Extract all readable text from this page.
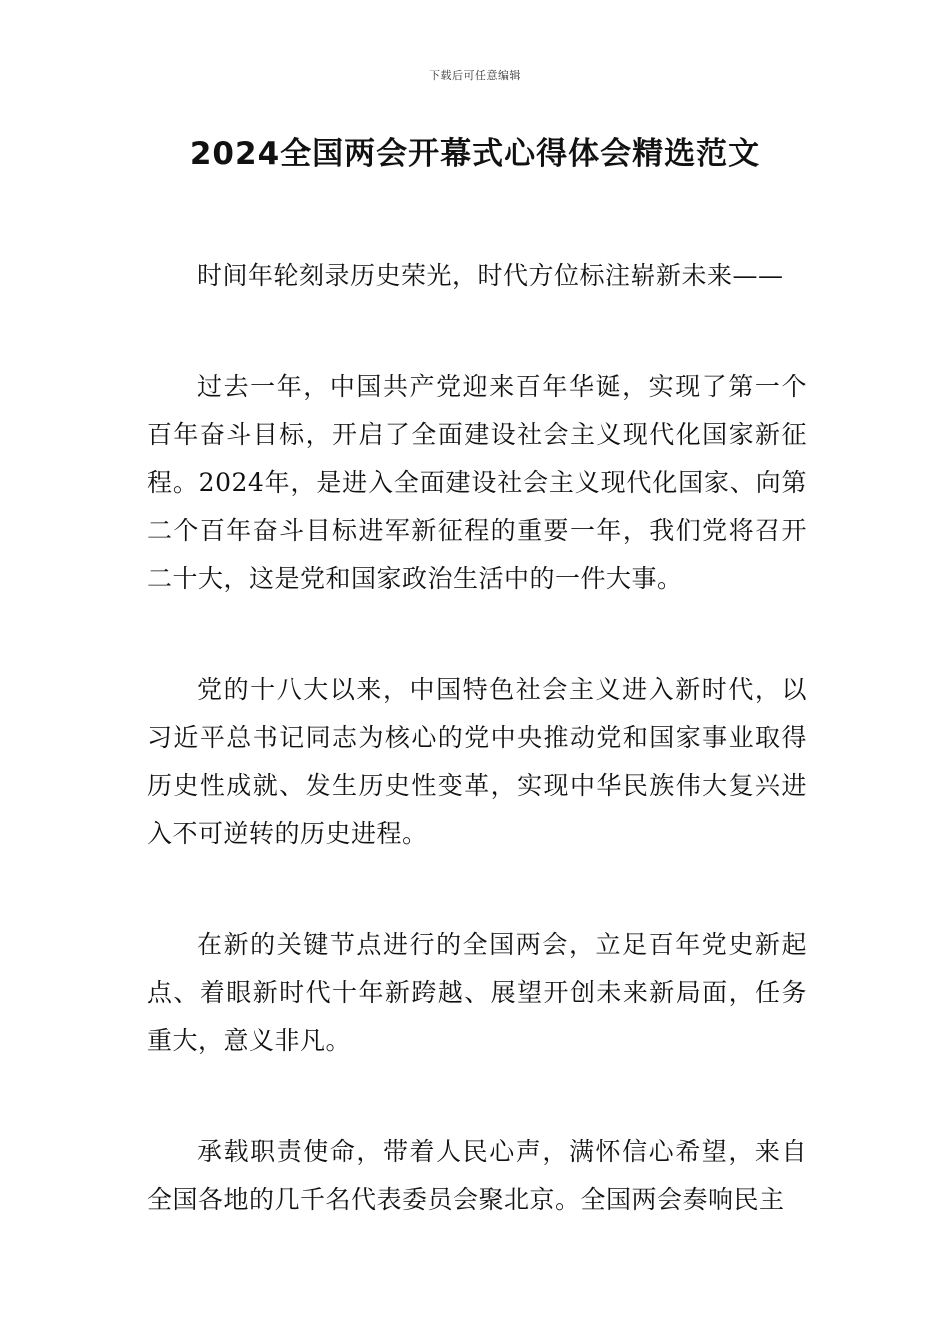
下载后可任意编辑
2024全国两会开幕式心得体会精选范文

时间年轮刻录历史荣光，时代方位标注崭新未来——

过去一年，中国共产党迎来百年华诞，实现了第一个百年奋斗目标，开启了全面建设社会主义现代化国家新征程。2024年，是进入全面建设社会主义现代化国家、向第二个百年奋斗目标进军新征程的重要一年，我们党将召开二十大，这是党和国家政治生活中的一件大事。

党的十八大以来，中国特色社会主义进入新时代，以习近平总书记同志为核心的党中央推动党和国家事业取得历史性成就、发生历史性变革，实现中华民族伟大复兴进入不可逆转的历史进程。

在新的关键节点进行的全国两会，立足百年党史新起点、着眼新时代十年新跨越、展望开创未来新局面，任务重大，意义非凡。

承载职责使命，带着人民心声，满怀信心希望，来自全国各地的几千名代表委员会聚北京。全国两会奏响民主
